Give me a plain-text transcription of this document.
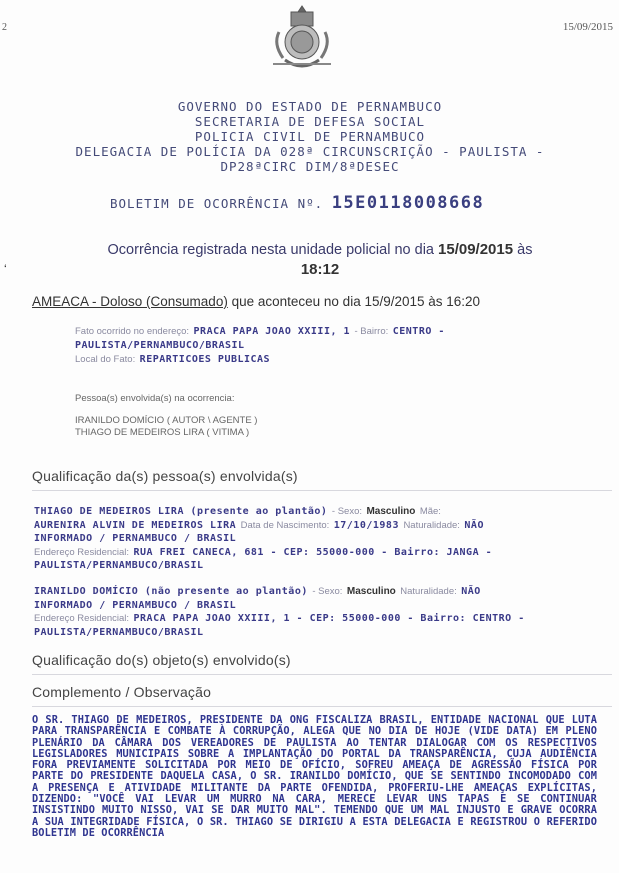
2	15/09/2015
GOVERNO DO ESTADO DE PERNAMBUCO
SECRETARIA DE DEFESA SOCIAL
POLICIA CIVIL DE PERNAMBUCO
DELEGACIA DE POLÍCIA DA 028ª CIRCUNSCRIÇÃO - PAULISTA -
DP28ªCIRC DIM/8ªDESEC
BOLETIM DE OCORRÊNCIA Nº. 15E0118008668
‘
Ocorrência registrada nesta unidade policial no dia 15/09/2015 às
18:12
AMEACA - Doloso (Consumado) que aconteceu no dia 15/9/2015 às 16:20
Fato ocorrido no endereço: PRACA PAPA JOAO XXIII, 1 - Bairro: CENTRO -
PAULISTA/PERNAMBUCO/BRASIL
Local do Fato: REPARTICOES PUBLICAS
Pessoa(s) envolvida(s) na ocorrencia:
IRANILDO DOMÍCIO ( AUTOR \ AGENTE )
THIAGO DE MEDEIROS LIRA ( VITIMA )
Qualificação da(s) pessoa(s) envolvida(s)
THIAGO DE MEDEIROS LIRA (presente ao plantão) - Sexo: Masculino Mãe:
AURENIRA ALVIN DE MEDEIROS LIRA Data de Nascimento: 17/10/1983 Naturalidade: NÃO
INFORMADO / PERNAMBUCO / BRASIL
Endereço Residencial: RUA FREI CANECA, 681 - CEP: 55000-000 - Bairro: JANGA -
PAULISTA/PERNAMBUCO/BRASIL
IRANILDO DOMÍCIO (não presente ao plantão) - Sexo: Masculino Naturalidade: NÃO
INFORMADO / PERNAMBUCO / BRASIL
Endereço Residencial: PRACA PAPA JOAO XXIII, 1 - CEP: 55000-000 - Bairro: CENTRO -
PAULISTA/PERNAMBUCO/BRASIL
Qualificação do(s) objeto(s) envolvido(s)
Complemento / Observação
O SR. THIAGO DE MEDEIROS, PRESIDENTE DA ONG FISCALIZA BRASIL, ENTIDADE NACIONAL QUE LUTA PARA TRANSPARÊNCIA E COMBATE À CORRUPÇÃO, ALEGA QUE NO DIA DE HOJE (VIDE DATA) EM PLENO PLENÁRIO DA CÂMARA DOS VEREADORES DE PAULISTA AO TENTAR DIALOGAR COM OS RESPECTIVOS LEGISLADORES MUNICIPAIS SOBRE A IMPLANTAÇÃO DO PORTAL DA TRANSPARÊNCIA, CUJA AUDIÊNCIA FORA PREVIAMENTE SOLICITADA POR MEIO DE OFÍCIO, SOFREU AMEAÇA DE AGRESSÃO FÍSICA POR PARTE DO PRESIDENTE DAQUELA CASA, O SR. IRANILDO DOMÍCIO, QUE SE SENTINDO INCOMODADO COM A PRESENÇA E ATIVIDADE MILITANTE DA PARTE OFENDIDA, PROFERIU-LHE AMEAÇAS EXPLÍCITAS, DIZENDO: "VOCÊ VAI LEVAR UM MURRO NA CARA, MERECE LEVAR UNS TAPAS E SE CONTINUAR INSISTINDO MUITO NISSO, VAI SE DAR MUITO MAL". TEMENDO QUE UM MAL INJUSTO E GRAVE OCORRA A SUA INTEGRIDADE FÍSICA, O SR. THIAGO SE DIRIGIU A ESTA DELEGACIA E REGISTROU O REFERIDO BOLETIM DE OCORRÊNCIA
